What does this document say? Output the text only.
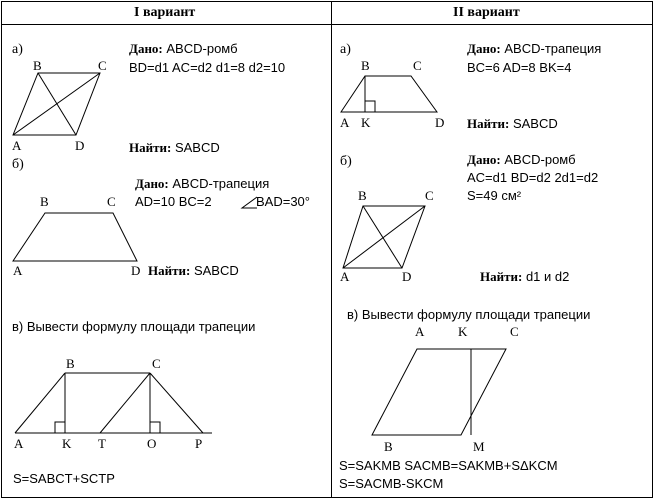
I вариант	II вариант
а)	Дано: ABCD-ромб
BD=d1 AC=d2 d1=8 d2=10
Найти: SABCD
B	C
A	D
б)
Дано: ABCD-трапеция
AD=10 BC=2	BAD=30°
Найти: SABCD
B	C
A	D
в) Вывести формулу площади трапеции
B	C
A	K T	O	P
S=SABCT+SCTP
а)	Дано: ABCD-трапеция
BC=6 AD=8 BK=4
Найти: SABCD
B	C
A K	D
б)	Дано: ABCD-ромб
AC=d1 BD=d2 2d1=d2
S=49 см²
Найти: d1 и d2
B	C
A	D
в) Вывести формулу площади трапеции
A	K	C
B	M
S=SAKMB SACMB=SAKMB+SΔKCM
S=SACMB-SKCM
